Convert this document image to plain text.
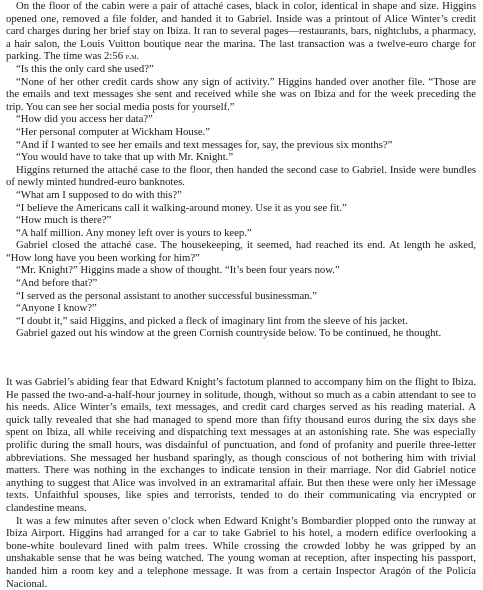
On the floor of the cabin were a pair of attaché cases, black in color, identical in shape and size. Higgins opened one, removed a file folder, and handed it to Gabriel. Inside was a printout of Alice Winter’s credit card charges during her brief stay on Ibiza. It ran to several pages—restaurants, bars, nightclubs, a pharmacy, a hair salon, the Louis Vuitton boutique near the marina. The last transaction was a twelve-euro charge for parking. The time was 2:56 p.m.

“Is this the only card she used?”

“None of her other credit cards show any sign of activity.” Higgins handed over another file. “Those are the emails and text messages she sent and received while she was on Ibiza and for the week preceding the trip. You can see her social media posts for yourself.”

“How did you access her data?”

“Her personal computer at Wickham House.”

“And if I wanted to see her emails and text messages for, say, the previous six months?”

“You would have to take that up with Mr. Knight.”

Higgins returned the attaché case to the floor, then handed the second case to Gabriel. Inside were bundles of newly minted hundred-euro banknotes.

“What am I supposed to do with this?”

“I believe the Americans call it walking-around money. Use it as you see fit.”

“How much is there?”

“A half million. Any money left over is yours to keep.”

Gabriel closed the attaché case. The housekeeping, it seemed, had reached its end. At length he asked, “How long have you been working for him?”

“Mr. Knight?” Higgins made a show of thought. “It’s been four years now.”

“And before that?”

“I served as the personal assistant to another successful businessman.”

“Anyone I know?”

“I doubt it,” said Higgins, and picked a fleck of imaginary lint from the sleeve of his jacket.

Gabriel gazed out his window at the green Cornish countryside below. To be continued, he thought.

It was Gabriel’s abiding fear that Edward Knight’s factotum planned to accompany him on the flight to Ibiza. He passed the two-and-a-half-hour journey in solitude, though, without so much as a cabin attendant to see to his needs. Alice Winter’s emails, text messages, and credit card charges served as his reading material. A quick tally revealed that she had managed to spend more than fifty thousand euros during the six days she spent on Ibiza, all while receiving and dispatching text messages at an astonishing rate. She was especially prolific during the small hours, was disdainful of punctuation, and fond of profanity and puerile three-letter abbreviations. She messaged her husband sparingly, as though conscious of not bothering him with trivial matters. There was nothing in the exchanges to indicate tension in their marriage. Nor did Gabriel notice anything to suggest that Alice was involved in an extramarital affair. But then these were only her iMessage texts. Unfaithful spouses, like spies and terrorists, tended to do their communicating via encrypted or clandestine means.

It was a few minutes after seven o’clock when Edward Knight’s Bombardier plopped onto the runway at Ibiza Airport. Higgins had arranged for a car to take Gabriel to his hotel, a modern edifice overlooking a bone-white boulevard lined with palm trees. While crossing the crowded lobby he was gripped by an unshakable sense that he was being watched. The young woman at reception, after inspecting his passport, handed him a room key and a telephone message. It was from a certain Inspector Aragón of the Policía Nacional.
